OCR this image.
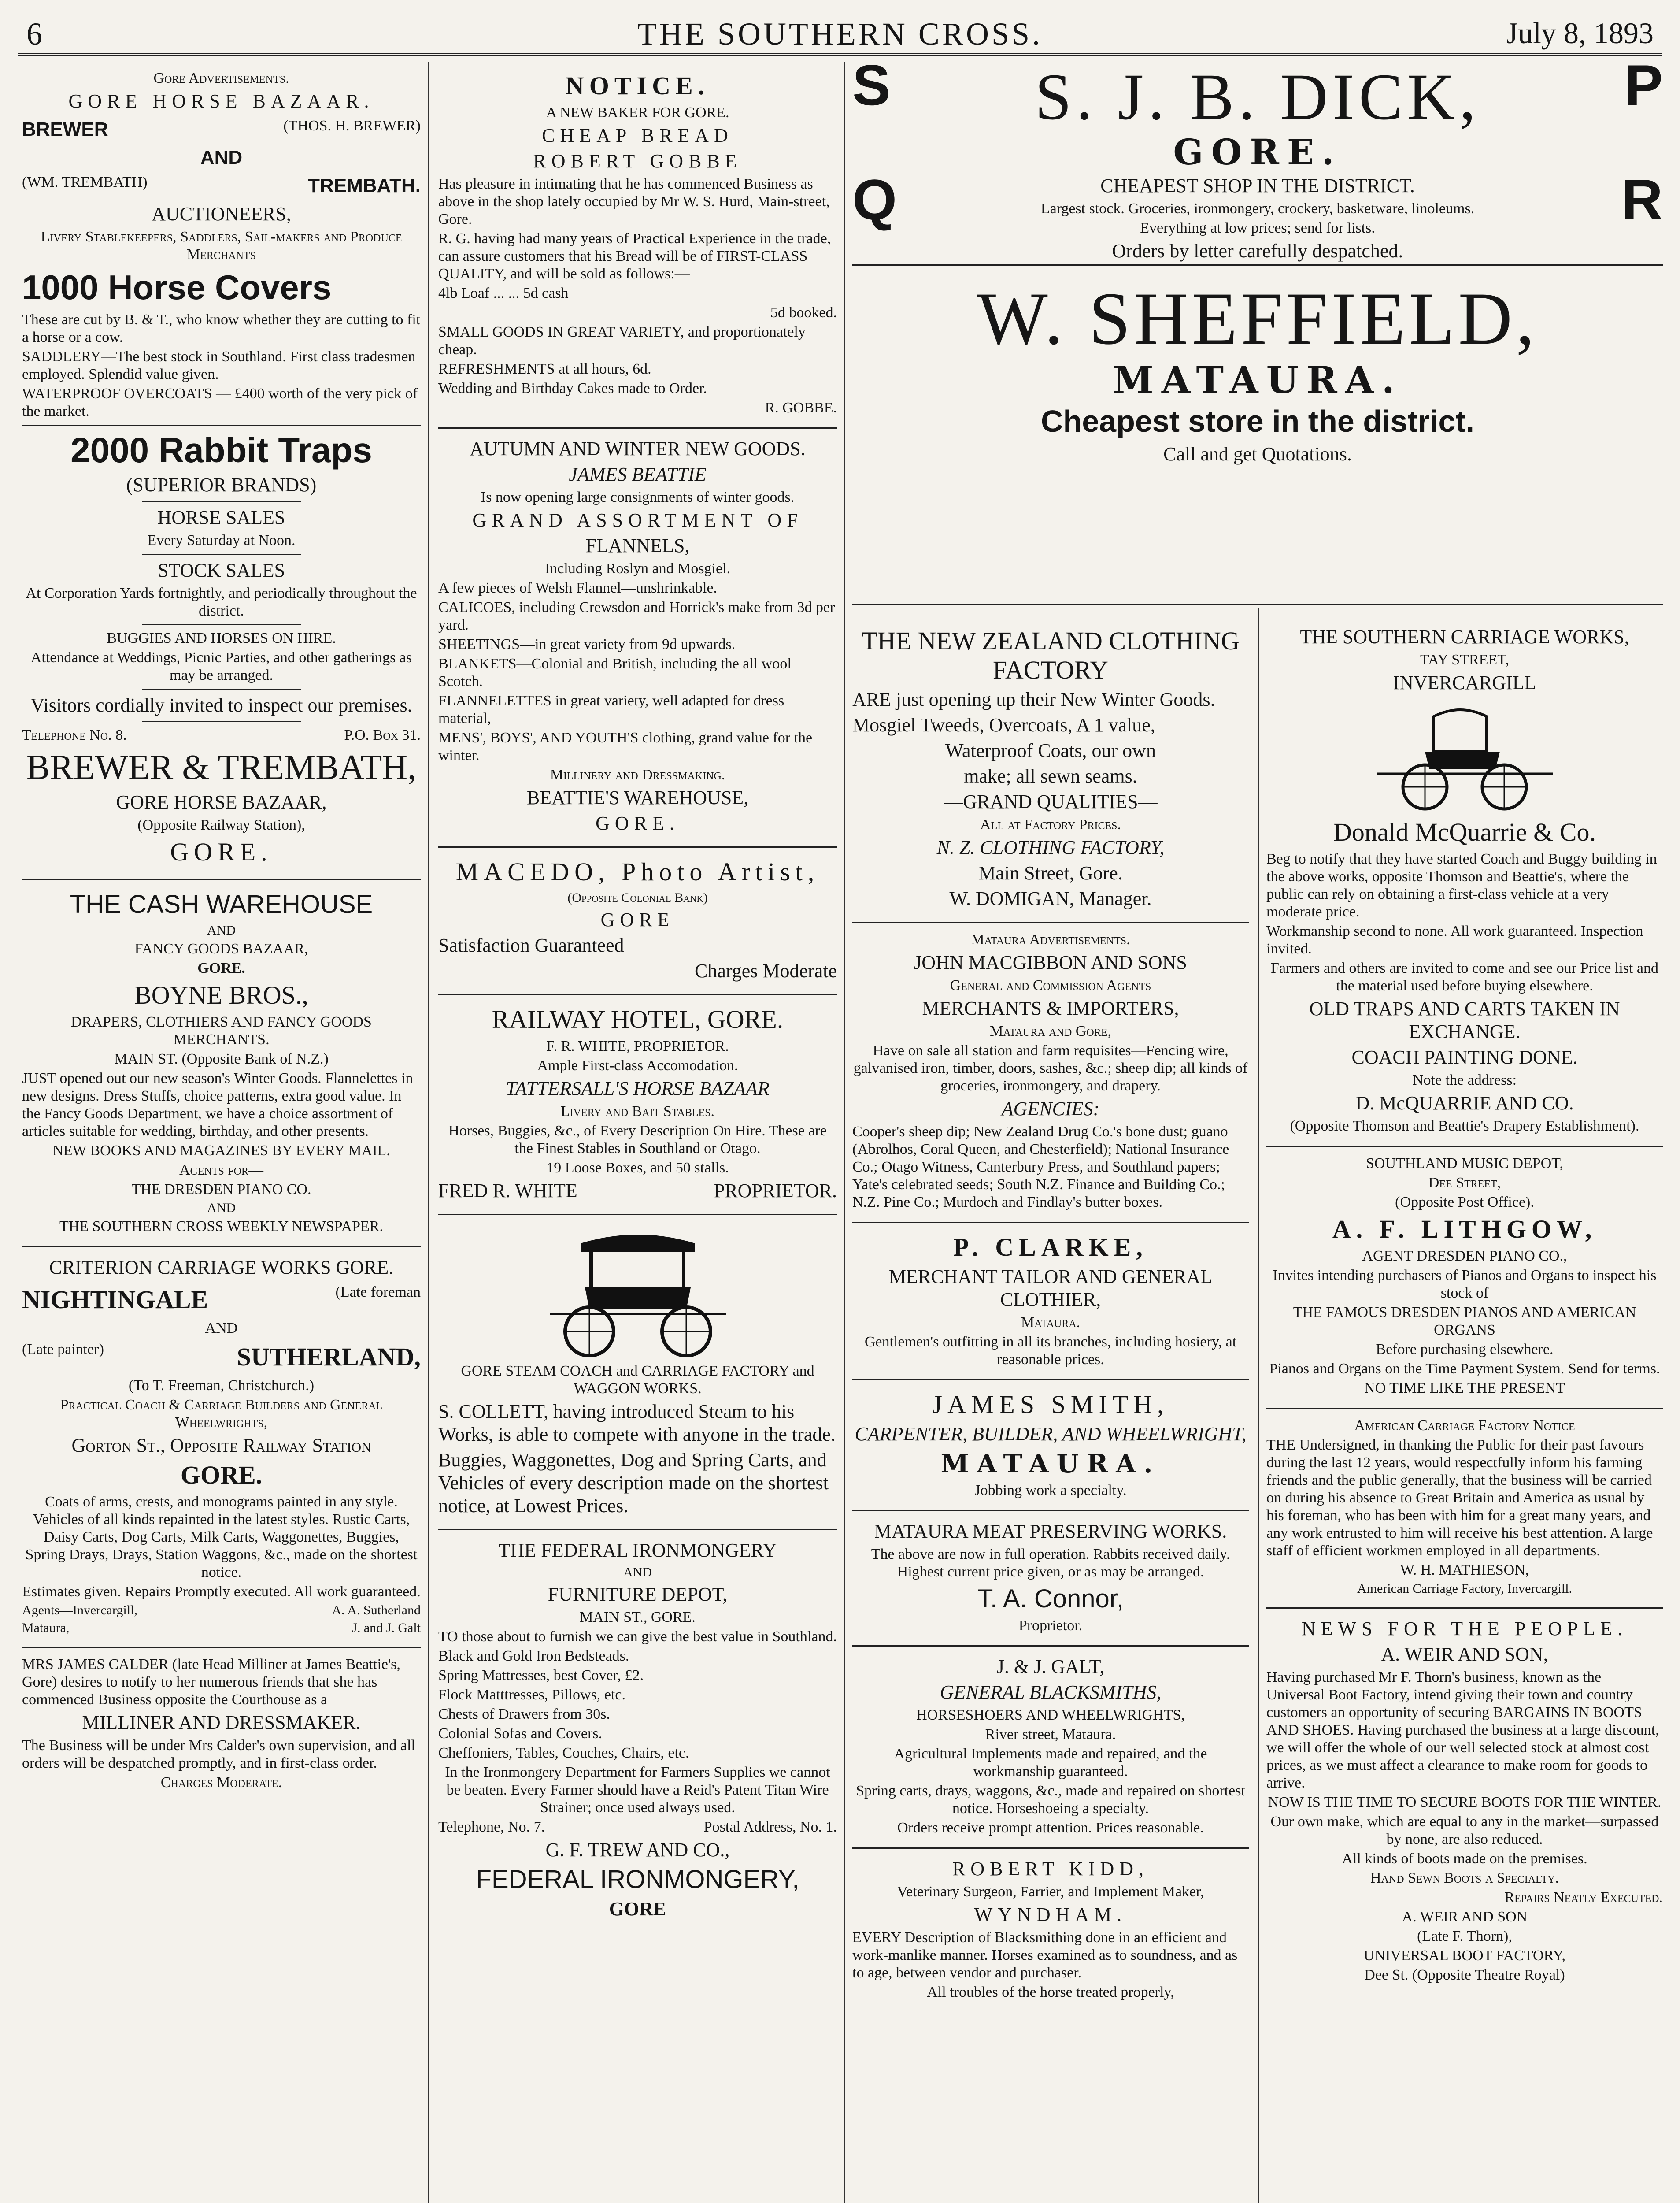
6	THE SOUTHERN CROSS.	July 8, 1893
Gore Advertisements.
GORE HORSE BAZAAR.
BREWER	(THOS. H. BREWER)
AND
(WM. TREMBATH)	TREMBATH.
AUCTIONEERS,
Livery Stablekeepers, Saddlers, Sail-makers and Produce Merchants
1000 Horse Covers
These are cut by B. & T., who know whether they are cutting to fit a horse or a cow.
SADDLERY—The best stock in Southland. First class tradesmen employed. Splendid value given.
WATERPROOF OVERCOATS — £400 worth of the very pick of the market.
2000 Rabbit Traps
(SUPERIOR BRANDS)
HORSE SALES
Every Saturday at Noon.
STOCK SALES
At Corporation Yards fortnightly, and periodically throughout the district.
BUGGIES AND HORSES ON HIRE.
Attendance at Weddings, Picnic Parties, and other gatherings as may be arranged.
Visitors cordially invited to inspect our premises.
Telephone No. 8.	P.O. Box 31.
BREWER & TREMBATH,
GORE HORSE BAZAAR,
(Opposite Railway Station),
GORE.
THE CASH WAREHOUSE
AND
FANCY GOODS BAZAAR,
GORE.
BOYNE BROS.,
DRAPERS, CLOTHIERS AND FANCY GOODS MERCHANTS.
MAIN ST. (Opposite Bank of N.Z.)
JUST opened out our new season's Winter Goods. Flannelettes in new designs. Dress Stuffs, choice patterns, extra good value. In the Fancy Goods Department, we have a choice assortment of articles suitable for wedding, birthday, and other presents.
NEW BOOKS AND MAGAZINES BY EVERY MAIL.
Agents for—
THE DRESDEN PIANO CO.
AND
THE SOUTHERN CROSS WEEKLY NEWSPAPER.
CRITERION CARRIAGE WORKS GORE.
NIGHTINGALE	(Late foreman
AND
(Late painter)	SUTHERLAND,
(To T. Freeman, Christchurch.)
Practical Coach & Carriage Builders and General Wheelwrights,
Gorton St., Opposite Railway Station
GORE.
Coats of arms, crests, and monograms painted in any style. Vehicles of all kinds repainted in the latest styles. Rustic Carts, Daisy Carts, Dog Carts, Milk Carts, Waggonettes, Buggies, Spring Drays, Drays, Station Waggons, &c., made on the shortest notice.
Estimates given. Repairs Promptly executed. All work guaranteed.
Agents—Invercargill,	A. A. Sutherland
Mataura,	J. and J. Galt
MRS JAMES CALDER (late Head Milliner at James Beattie's, Gore) desires to notify to her numerous friends that she has commenced Business opposite the Courthouse as a
MILLINER AND DRESSMAKER.
The Business will be under Mrs Calder's own supervision, and all orders will be despatched promptly, and in first-class order.
Charges Moderate.
NOTICE.
A NEW BAKER FOR GORE.
CHEAP BREAD
ROBERT GOBBE
Has pleasure in intimating that he has commenced Business as above in the shop lately occupied by Mr W. S. Hurd, Main-street, Gore.
R. G. having had many years of Practical Experience in the trade, can assure customers that his Bread will be of FIRST-CLASS QUALITY, and will be sold as follows:—
4lb Loaf ... ... 5d cash
5d booked.
SMALL GOODS IN GREAT VARIETY, and proportionately cheap.
REFRESHMENTS at all hours, 6d.
Wedding and Birthday Cakes made to Order.
R. GOBBE.
AUTUMN AND WINTER NEW GOODS.
JAMES BEATTIE
Is now opening large consignments of winter goods.
GRAND ASSORTMENT OF
FLANNELS,
Including Roslyn and Mosgiel.
A few pieces of Welsh Flannel—unshrinkable.
CALICOES, including Crewsdon and Horrick's make from 3d per yard.
SHEETINGS—in great variety from 9d upwards.
BLANKETS—Colonial and British, including the all wool Scotch.
FLANNELETTES in great variety, well adapted for dress material,
MENS', BOYS', AND YOUTH'S clothing, grand value for the winter.
Millinery and Dressmaking.
BEATTIE'S WAREHOUSE,
GORE.
MACEDO, Photo Artist,
(Opposite Colonial Bank)
GORE
Satisfaction Guaranteed
Charges Moderate
RAILWAY HOTEL, GORE.
F. R. WHITE, PROPRIETOR.
Ample First-class Accomodation.
TATTERSALL'S HORSE BAZAAR
Livery and Bait Stables.
Horses, Buggies, &c., of Every Description On Hire. These are the Finest Stables in Southland or Otago.
19 Loose Boxes, and 50 stalls.
FRED R. WHITE	PROPRIETOR.
GORE STEAM COACH and CARRIAGE FACTORY and WAGGON WORKS.
S. COLLETT, having introduced Steam to his Works, is able to compete with anyone in the trade.
Buggies, Waggonettes, Dog and Spring Carts, and Vehicles of every description made on the shortest notice, at Lowest Prices.
THE FEDERAL IRONMONGERY
AND
FURNITURE DEPOT,
MAIN ST., GORE.
TO those about to furnish we can give the best value in Southland.
Black and Gold Iron Bedsteads.
Spring Mattresses, best Cover, £2.
Flock Matttresses, Pillows, etc.
Chests of Drawers from 30s.
Colonial Sofas and Covers.
Cheffoniers, Tables, Couches, Chairs, etc.
In the Ironmongery Department for Farmers Supplies we cannot be beaten. Every Farmer should have a Reid's Patent Titan Wire Strainer; once used always used.
Telephone, No. 7.	Postal Address, No. 1.
G. F. TREW AND CO.,
FEDERAL IRONMONGERY,
GORE
S	P
S. J. B. DICK,
GORE.
CHEAPEST SHOP IN THE DISTRICT.
Largest stock. Groceries, ironmongery, crockery, basketware, linoleums.
Everything at low prices; send for lists.
Orders by letter carefully despatched.
Q	R
W. SHEFFIELD,
MATAURA.
Cheapest store in the district.
Call and get Quotations.
THE NEW ZEALAND CLOTHING FACTORY
ARE just opening up their New Winter Goods.
Mosgiel Tweeds, Overcoats, A 1 value,
Waterproof Coats, our own
make; all sewn seams.
—GRAND QUALITIES—
All at Factory Prices.
N. Z. CLOTHING FACTORY,
Main Street, Gore.
W. DOMIGAN, Manager.
Mataura Advertisements.
JOHN MACGIBBON AND SONS
General and Commission Agents
MERCHANTS & IMPORTERS,
Mataura and Gore,
Have on sale all station and farm requisites—Fencing wire, galvanised iron, timber, doors, sashes, &c.; sheep dip; all kinds of groceries, ironmongery, and drapery.
AGENCIES:
Cooper's sheep dip; New Zealand Drug Co.'s bone dust; guano (Abrolhos, Coral Queen, and Chesterfield); National Insurance Co.; Otago Witness, Canterbury Press, and Southland papers; Yate's celebrated seeds; South N.Z. Finance and Building Co.; N.Z. Pine Co.; Murdoch and Findlay's butter boxes.
P. CLARKE,
MERCHANT TAILOR AND GENERAL CLOTHIER,
Mataura.
Gentlemen's outfitting in all its branches, including hosiery, at reasonable prices.
JAMES SMITH,
CARPENTER, BUILDER, AND WHEELWRIGHT,
MATAURA.
Jobbing work a specialty.
MATAURA MEAT PRESERVING WORKS.
The above are now in full operation. Rabbits received daily. Highest current price given, or as may be arranged.
T. A. Connor,
Proprietor.
J. & J. GALT,
GENERAL BLACKSMITHS,
HORSESHOERS AND WHEELWRIGHTS,
River street, Mataura.
Agricultural Implements made and repaired, and the workmanship guaranteed.
Spring carts, drays, waggons, &c., made and repaired on shortest notice. Horseshoeing a specialty.
Orders receive prompt attention. Prices reasonable.
ROBERT KIDD,
Veterinary Surgeon, Farrier, and Implement Maker,
WYNDHAM.
EVERY Description of Blacksmithing done in an efficient and work-manlike manner. Horses examined as to soundness, and as to age, between vendor and purchaser.
All troubles of the horse treated properly,
THE SOUTHERN CARRIAGE WORKS,
TAY STREET,
INVERCARGILL
Donald McQuarrie & Co.
Beg to notify that they have started Coach and Buggy building in the above works, opposite Thomson and Beattie's, where the public can rely on obtaining a first-class vehicle at a very moderate price.
Workmanship second to none. All work guaranteed. Inspection invited.
Farmers and others are invited to come and see our Price list and the material used before buying elsewhere.
OLD TRAPS AND CARTS TAKEN IN EXCHANGE.
COACH PAINTING DONE.
Note the address:
D. McQUARRIE AND CO.
(Opposite Thomson and Beattie's Drapery Establishment).
SOUTHLAND MUSIC DEPOT,
Dee Street,
(Opposite Post Office).
A. F. LITHGOW,
AGENT DRESDEN PIANO CO.,
Invites intending purchasers of Pianos and Organs to inspect his stock of
THE FAMOUS DRESDEN PIANOS AND AMERICAN ORGANS
Before purchasing elsewhere.
Pianos and Organs on the Time Payment System. Send for terms.
NO TIME LIKE THE PRESENT
American Carriage Factory Notice
THE Undersigned, in thanking the Public for their past favours during the last 12 years, would respectfully inform his farming friends and the public generally, that the business will be carried on during his absence to Great Britain and America as usual by his foreman, who has been with him for a great many years, and any work entrusted to him will receive his best attention. A large staff of efficient workmen employed in all departments.
W. H. MATHIESON,
American Carriage Factory, Invercargill.
NEWS FOR THE PEOPLE.
A. WEIR AND SON,
Having purchased Mr F. Thorn's business, known as the Universal Boot Factory, intend giving their town and country customers an opportunity of securing BARGAINS IN BOOTS AND SHOES. Having purchased the business at a large discount, we will offer the whole of our well selected stock at almost cost prices, as we must affect a clearance to make room for goods to arrive.
NOW IS THE TIME TO SECURE BOOTS FOR THE WINTER.
Our own make, which are equal to any in the market—surpassed by none, are also reduced.
All kinds of boots made on the premises.
Hand Sewn Boots a Specialty.
Repairs Neatly Executed.
A. WEIR AND SON
(Late F. Thorn),
UNIVERSAL BOOT FACTORY,
Dee St. (Opposite Theatre Royal)
